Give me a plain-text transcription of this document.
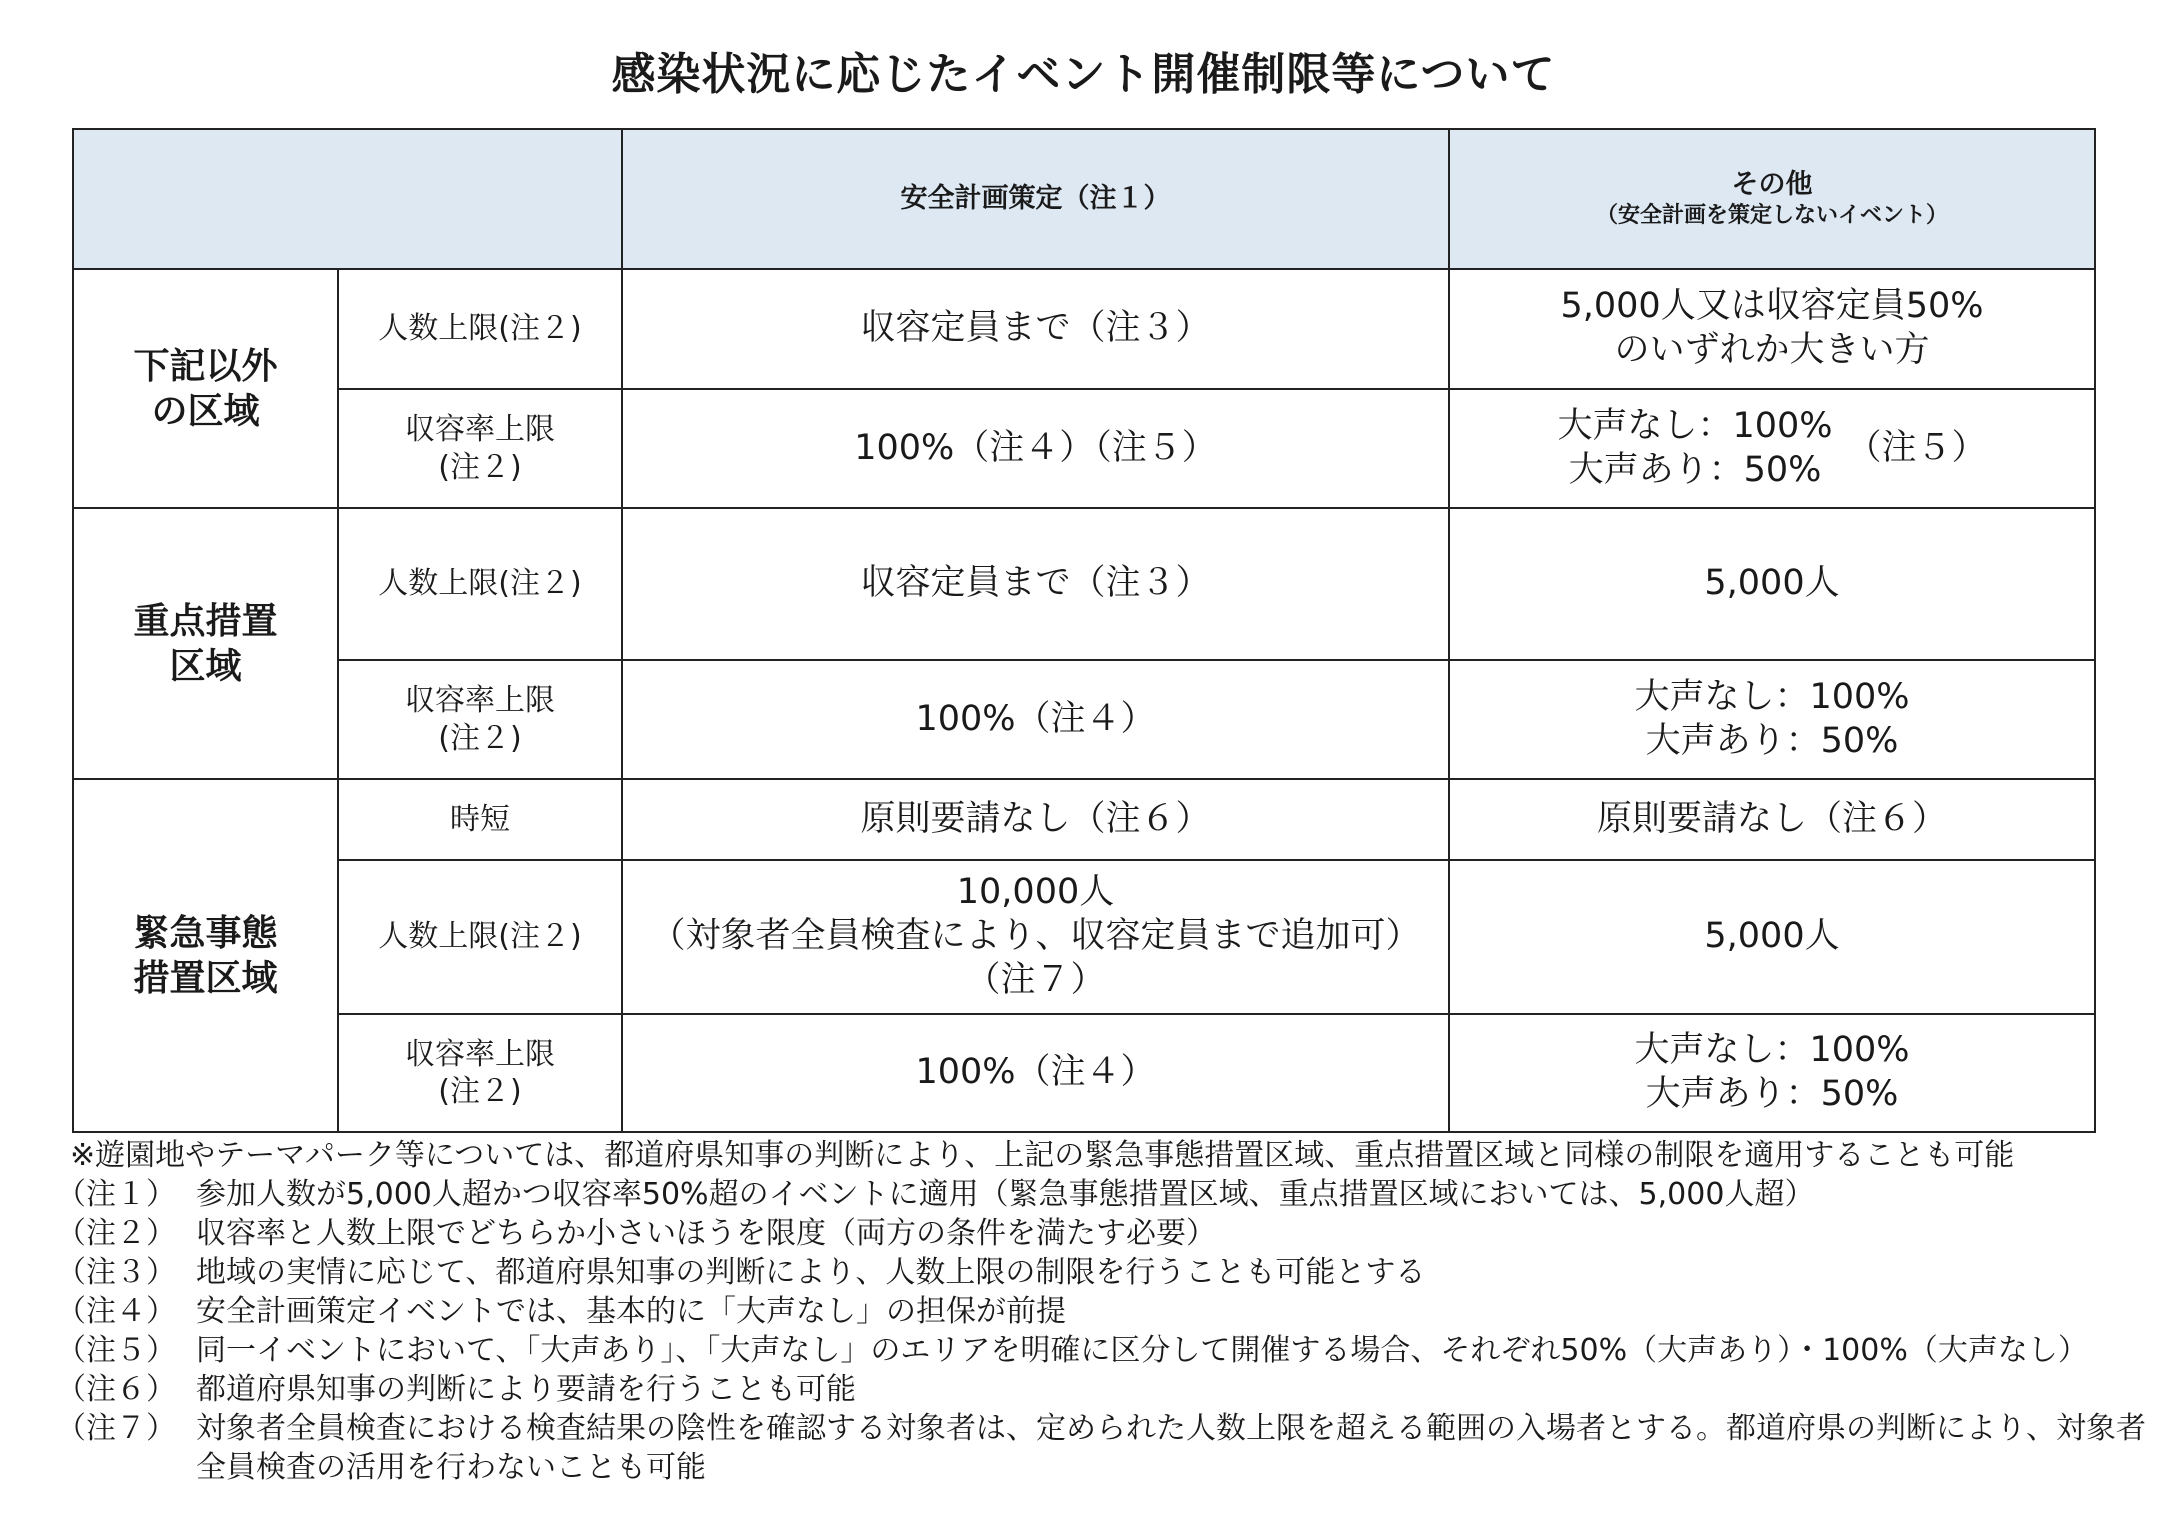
感染状況に応じたイベント開催制限等について
		安全計画策定（注１）	その他
（安全計画を策定しないイベント）

下記以外
の区域	人数上限(注２)	収容定員まで（注３）	5,000人又は収容定員50%
のいずれか大きい方

	収容率上限
(注２)	100%（注４）（注５）	大声なし：100%
大声あり：50%
（注５）

重点措置
区域	人数上限(注２)	収容定員まで（注３）	5,000人

	収容率上限
(注２)	100%（注４）	大声なし：100%
大声あり：50%

緊急事態
措置区域	時短	原則要請なし（注６）	原則要請なし（注６）
	人数上限(注２)	10,000人
（対象者全員検査により、収容定員まで追加可）
（注７）	5,000人

	収容率上限
(注２)	100%（注４）	大声なし：100%
大声あり：50%
※遊園地やテーマパーク等については、都道府県知事の判断により、上記の緊急事態措置区域、重点措置区域と同様の制限を適用することも可能
（注１） 参加人数が5,000人超かつ収容率50%超のイベントに適用（緊急事態措置区域、重点措置区域においては、5,000人超）
（注２） 収容率と人数上限でどちらか小さいほうを限度（両方の条件を満たす必要）
（注３） 地域の実情に応じて、都道府県知事の判断により、人数上限の制限を行うことも可能とする
（注４） 安全計画策定イベントでは、基本的に「大声なし」の担保が前提
（注５） 同一イベントにおいて、「大声あり」、「大声なし」のエリアを明確に区分して開催する場合、それぞれ50%（大声あり）・100%（大声なし）
（注６） 都道府県知事の判断により要請を行うことも可能
（注７） 対象者全員検査における検査結果の陰性を確認する対象者は、定められた人数上限を超える範囲の入場者とする。都道府県の判断により、対象者全員検査の活用を行わないことも可能
